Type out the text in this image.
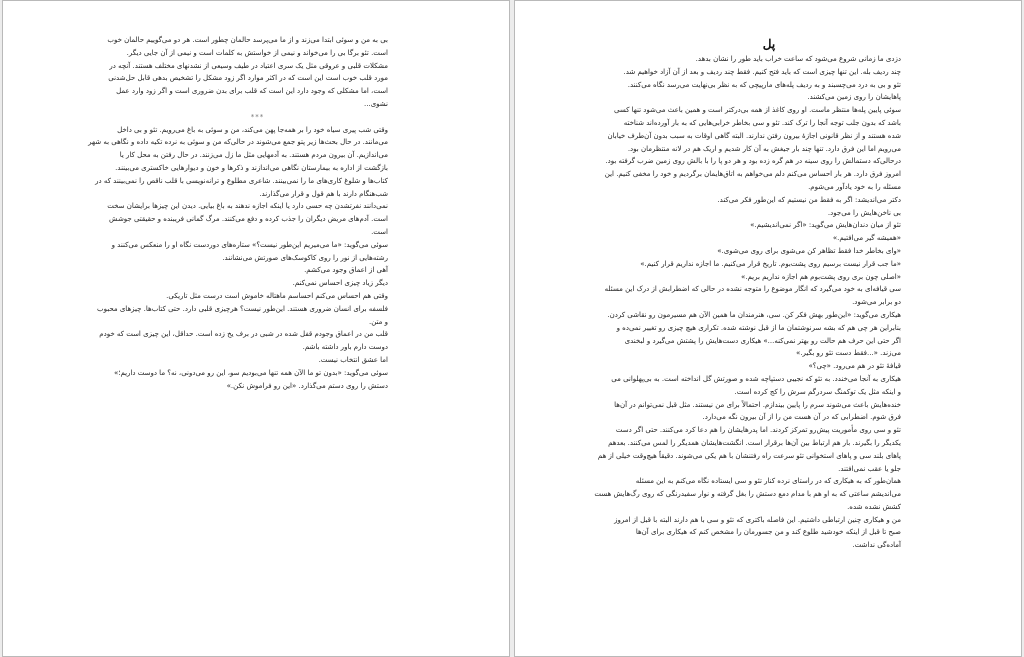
بی به من و سوئی ابتدا می‌زند و از ما می‌پرسد حالمان چطور است. هر دو می‌گوییم حالمان خوب
است. تئو برگا بی را می‌خواند و نیمی از خواستش به کلمات است و نیمی از آن جایی دیگر.
مشکلات قلبی و عروقی مثل یک سری اعتیاد در طیف وسیعی از نشدنهای مختلف هستند. آنچه در
مورد قلب خوب است این است که در اکثر موارد اگر زود مشکل را تشخیص بدهی قابل حل‌شدنی
است، اما مشکلی که وجود دارد این است که قلب برای بدن ضروری است و اگر زود وارد عمل
نشوی...
***
وقتی شب پیری سیاه خود را بر همه‌جا پهن می‌کند، من و سوئی به باغ می‌رویم. تئو و بی داخل
می‌مانند. در حال بحث‌ها زیر پتو جمع می‌شوند در حالی‌که من و سوئی به نرده تکیه داده و نگاهی به شهر
می‌اندازیم. آن بیرون مردم هستند. به آدمهایی مثل ما زل می‌زنند. در حال رفتن به محل کار یا
بازگشت از اداره به بیمارستان نگاهی می‌اندازند و ذکرها و خون و دیوارهایی خاکستری می‌بینند.
کتاب‌ها و شلوغ کاری‌های ما را نمی‌بینند. شاعری مطلوع و ترانه‌نویسی با قلب ناقص را نمی‌بینند که در
شب‌هنگام دارند با هم قول و قرار می‌گذارند.
نمی‌دانند نفرتشدن چه حسی دارد یا اینکه اجازه ندهند به باغ بیایی. دیدن این چیزها برایشان سخت
است. آدم‌های مریض دیگران را جذب کرده و دفع می‌کنند. مرگ گمانی فریبنده و حقیقتی جوشش
است.
سوئی می‌گوید: «ما می‌میریم این‌طور نیست؟» ستاره‌های دوردست نگاه او را منعکس می‌کنند و
رشته‌هایی از نور را روی کاکوسک‌های صورتش می‌نشانند.
آهی از اعماق وجود می‌کشم.
دیگر زیاد چیزی احساس نمی‌کنم.
وقتی هم احساس می‌کنم احساسم ماهتاله خاموش است درست مثل تاریکی.
فلسفه برای انسان ضروری هستند. این‌طور نیست؟ هرچیزی قلبی دارد. حتی کتاب‌ها. چیزهای محبوب
و متن.
قلب من در اعماق وجودم قفل شده در شبی در برف یخ زده است. حداقل، این چیزی است که خودم
دوست دارم باور داشته باشم.
اما عشق انتخاب نیست.
سوئی می‌گوید: «بدون تو ما الآن همه تنها می‌بودیم سو، این رو می‌دونی، نه؟ ما دوست داریم؛»
دستش را روی دستم می‌گذارد. «این رو فراموش نکن.»
پل
دزدی ما زمانی شروع می‌شود که ساعت خراب باید طور را نشان بدهد.
چند ردیف بله. این تنها چیزی است که باید فتح کنیم. فقط چند ردیف و بعد از آن آزاد خواهیم شد.
تئو و بی به درد می‌چسبند و به ردیف پله‌های مارپیچی که به نظر بی‌نهایت می‌رسد نگاه می‌کنند.
پاهایشان را روی زمین می‌کشند.
سوئی پایین پله‌ها منتظر ماست. او روی کاغذ از همه بی‌درکتر است و همین باعث می‌شود تنها کسی
باشد که بدون جلب توجه آنجا را ترک کند. تئو و سی بخاطر خرابی‌هایی که به بار آورده‌اند شناخته
شده هستند و از نظر قانونی اجازهٔ بیرون رفتن ندارند. البته گاهی اوقات به سبب بدون آن‌طرف خیابان
می‌رویم اما این فرق دارد. تنها چند بار جیغش به آن کار شدیم و اریک هم در لانه منتظرمان بود.
درحالی‌که دستمالش را روی سینه در هم گره زده بود و هر دو پا را با بالش روی زمین ضرب گرفته بود.
امروز فرق دارد. هر بار احساس می‌کنم دلم می‌خواهم به اتاق‌هایمان برگردیم و خود را مخفی کنیم. این
مسئله را به خود یادآور می‌شوم.
دکتر می‌اندیشد: اگر به فقط من نیستیم که این‌طور فکر می‌کند.
بی ناخن‌هایش را می‌جود.
تئو از میان دندان‌هایش می‌گوید: «اگر نمی‌اندیشیم.»
«همیشه گیر می‌افتیم.»
«وای بخاطر خدا فقط تظاهر کن می‌شوی برای روی می‌شوی.»
«ما جب قرار نیست برسیم روی پشت‌بوم. تاریخ قرار می‌کنیم. ما اجازه نداریم قرار کنیم.»
«اصلی چون بری روی پشت‌بوم هم اجازه نداریم بریم.»
سی قیافه‌ای به خود می‌گیرد که انگار موضوع را متوجه نشده در حالی که اضطرابش از درک این مسئله
دو برابر می‌شود.
هیکاری می‌گوید: «این‌طور بهش فکر کن. سی، هنرمندان ما همین الآن هم مسیرمون رو نقاشی کردن.
بنابراین هر چی هم که بشه سرنوشتمان ما از قبل نوشته شده. تکراری هیچ چیزی رو تغییر نمی‌ده و
اگر حتی این حرف هم حالت رو بهتر نمی‌کنه...» هیکاری دست‌هایش را پشتش می‌گیرد و لبخندی
می‌زند. «...فقط دست تئو رو بگیر.»
قیافهٔ تئو در هم می‌رود. «چی؟»
هیکاری به آنجا می‌خندد. به تئو که نجیبی دستپاچه شده و صورتش گل انداخته است. به بی‌پهلوانی می
و اینکه مثل یک توکمنگ سردرگم سرش را کج کرده است.
خنده‌هایش باعث می‌شوند سرم را پایین بیندازم. احتمالاً برای من نیستند. مثل قبل نمی‌توانم در آن‌ها
فرق شوم. اضطرابی که در آن هست من را از آن بیرون نگه می‌دارد.
تئو و سی روی مأموریت پیش‌رو تمرکز کردند. اما پدرهایشان را هم دعا کرد می‌کنند. حتی اگر دست
یکدیگر را بگیرند. بار هم ارتباط بین آن‌ها برقرار است. انگشت‌هایشان همدیگر را لمس می‌کنند. بعدهم
پاهای بلند سی و پاهای استخوانی تئو سرعت راه رفتنشان با هم یکی می‌شوند. دقیقاً هیچ‌وقت خیلی از هم
جلو یا عقب نمی‌افتند.
همان‌طور که به هیکاری که در راستای نرده کنار تئو و سی ایستاده نگاه می‌کنم به این مسئله
می‌اندیشم ساعتی که به او هم با مدام دمع دستش را بغل گرفته و نوار سفیدرنگی که روی رگ‌هایش هست
کشش نشده شده.
من و هیکاری چنین ارتباطی داشتیم. این فاصله باکتری که تئو و سی با هم دارند البته با قبل از امروز
صبح تا قبل از اینکه خودشید طلوع کند و من جسورمان را مشخص کنم که هیکاری برای آن‌ها
آماده‌گی نداشت.
